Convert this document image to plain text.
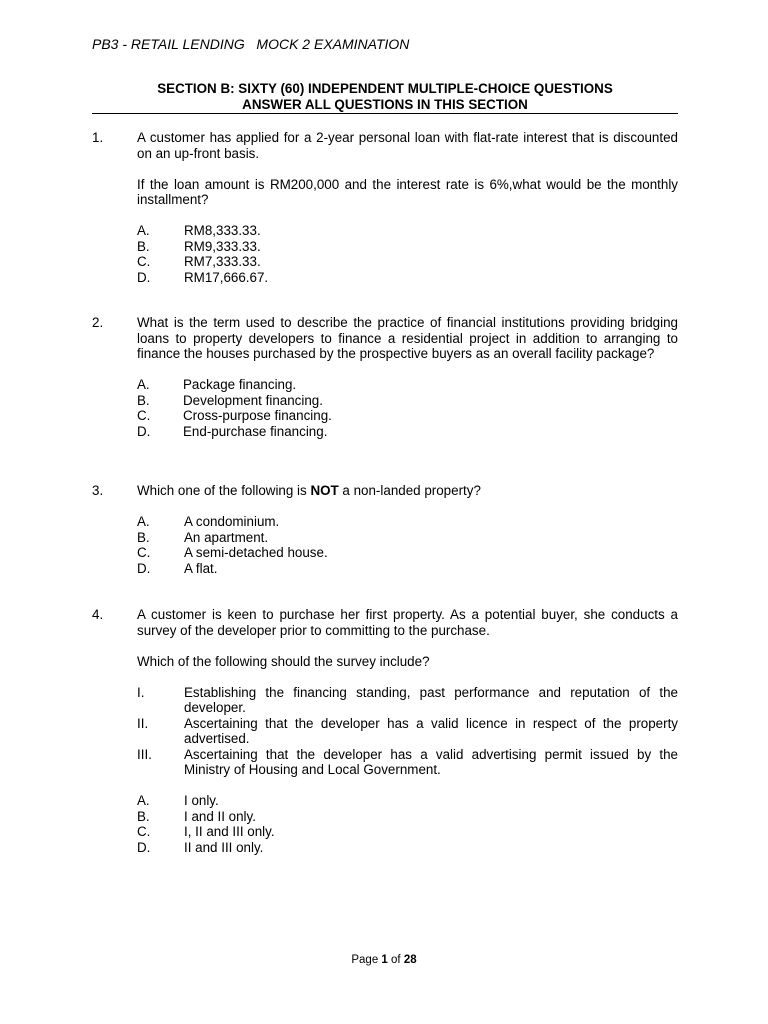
PB3 - RETAIL LENDING   MOCK 2 EXAMINATION
SECTION B: SIXTY (60) INDEPENDENT MULTIPLE-CHOICE QUESTIONS
ANSWER ALL QUESTIONS IN THIS SECTION
1.	A customer has applied for a 2-year personal loan with flat-rate interest that is discounted on an up-front basis.

If the loan amount is RM200,000 and the interest rate is 6%,what would be the monthly installment?

A.	RM8,333.33.
B.	RM9,333.33.
C.	RM7,333.33.
D.	RM17,666.67.
2.	What is the term used to describe the practice of financial institutions providing bridging loans to property developers to finance a residential project in addition to arranging to finance the houses purchased by the prospective buyers as an overall facility package?

A. Package financing.
B. Development financing.
C. Cross-purpose financing.
D. End-purchase financing.
3.	Which one of the following is NOT a non-landed property?

A.	A condominium.
B.	An apartment.
C.	A semi-detached house.
D.	A flat.
4.	A customer is keen to purchase her first property. As a potential buyer, she conducts a survey of the developer prior to committing to the purchase.

Which of the following should the survey include?

I.	Establishing the financing standing, past performance and reputation of the developer.
II.	Ascertaining that the developer has a valid licence in respect of the property advertised.
III. Ascertaining that the developer has a valid advertising permit issued by the Ministry of Housing and Local Government.
A.	I only.
B.	I and II only.
C.	I, II and III only.
D.	II and III only.
Page 1 of 28
